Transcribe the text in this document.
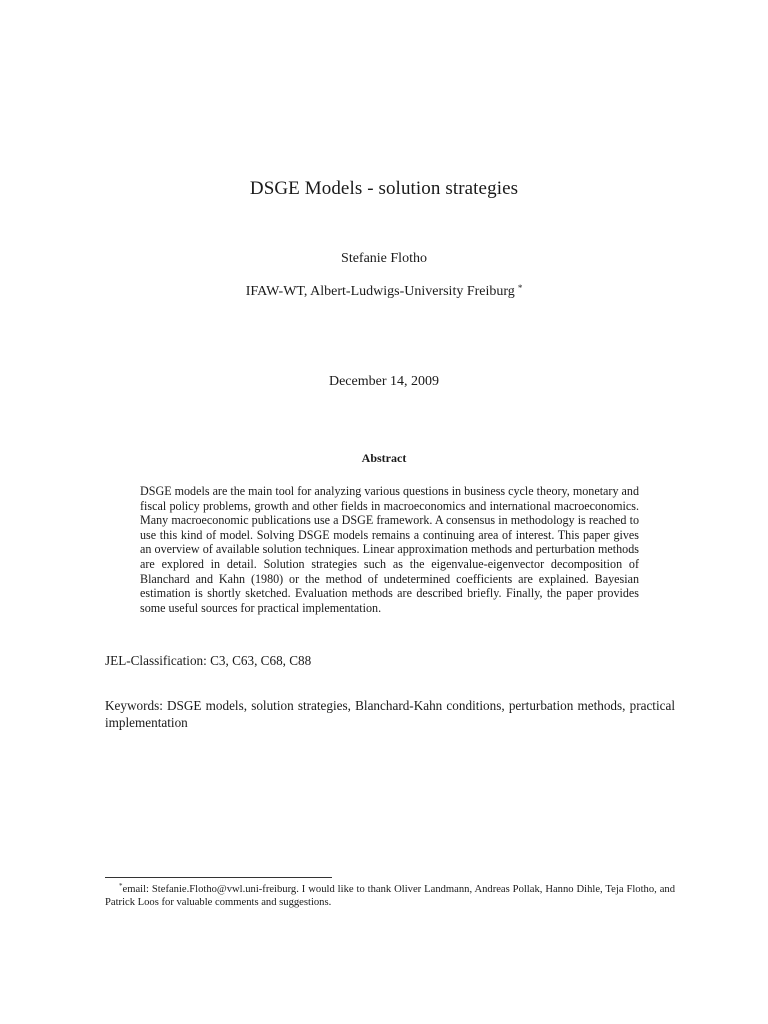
DSGE Models - solution strategies
Stefanie Flotho
IFAW-WT, Albert-Ludwigs-University Freiburg *
December 14, 2009
Abstract
DSGE models are the main tool for analyzing various questions in business cycle theory, monetary and fiscal policy problems, growth and other fields in macroeconomics and international macroeconomics. Many macroeconomic publications use a DSGE framework. A consensus in methodology is reached to use this kind of model. Solving DSGE models remains a continuing area of interest. This paper gives an overview of available solution techniques. Linear approximation methods and perturbation methods are explored in detail. Solution strategies such as the eigenvalue-eigenvector decomposition of Blanchard and Kahn (1980) or the method of undetermined coefficients are explained. Bayesian estimation is shortly sketched. Evaluation methods are described briefly. Finally, the paper provides some useful sources for practical implementation.
JEL-Classification: C3, C63, C68, C88
Keywords: DSGE models, solution strategies, Blanchard-Kahn conditions, perturbation methods, practical implementation
*email: Stefanie.Flotho@vwl.uni-freiburg. I would like to thank Oliver Landmann, Andreas Pollak, Hanno Dihle, Teja Flotho, and Patrick Loos for valuable comments and suggestions.
